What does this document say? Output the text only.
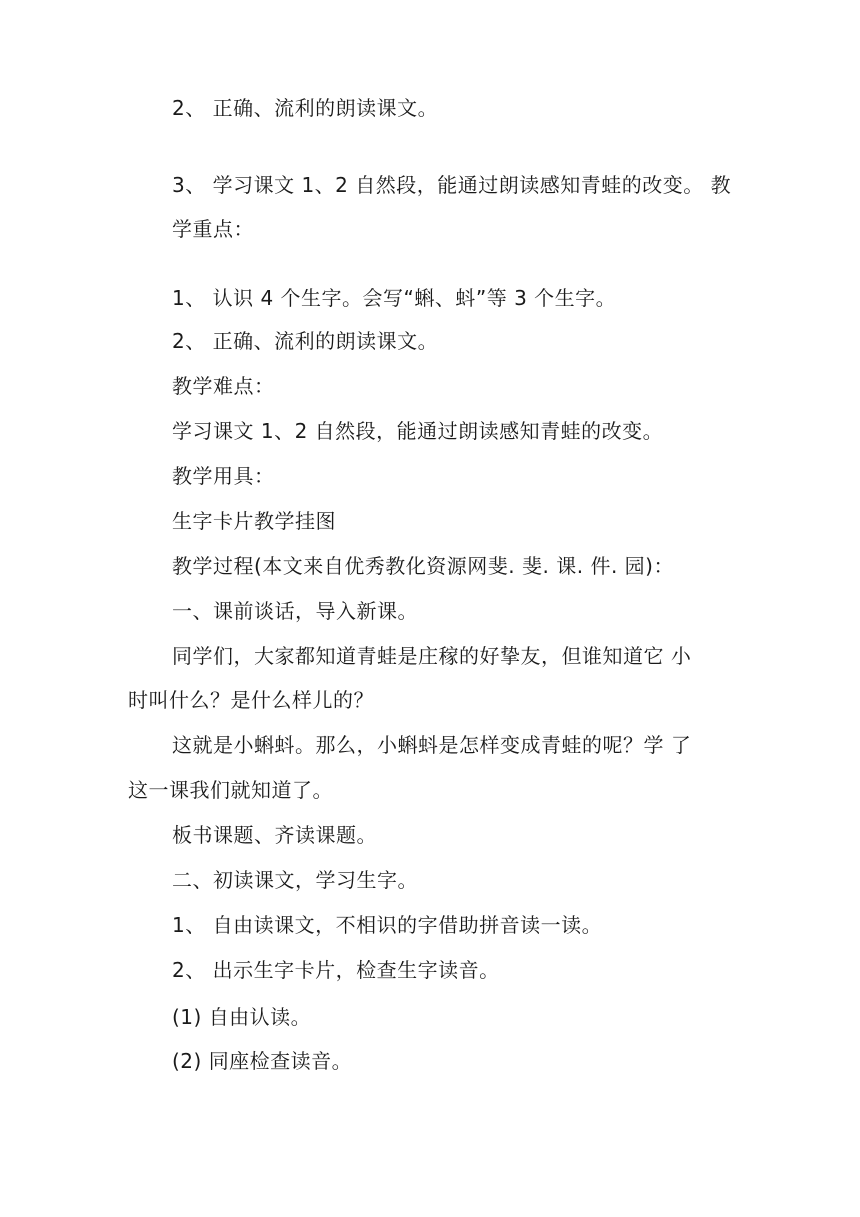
2、 正确、流利的朗读课文。
3、 学习课文 1、2 自然段，能通过朗读感知青蛙的改变。 教
学重点：
1、 认识 4 个生字。会写“蝌、蚪”等 3 个生字。
2、 正确、流利的朗读课文。
教学难点：
学习课文 1、2 自然段，能通过朗读感知青蛙的改变。
教学用具：
生字卡片教学挂图
教学过程(本文来自优秀教化资源网斐. 斐. 课. 件. 园)：
一、课前谈话，导入新课。
同学们，大家都知道青蛙是庄稼的好挚友，但谁知道它 小
时叫什么？是什么样儿的？
这就是小蝌蚪。那么，小蝌蚪是怎样变成青蛙的呢？学 了
这一课我们就知道了。
板书课题、齐读课题。
二、初读课文，学习生字。
1、 自由读课文，不相识的字借助拼音读一读。
2、 出示生字卡片，检查生字读音。
(1) 自由认读。
(2) 同座检查读音。
